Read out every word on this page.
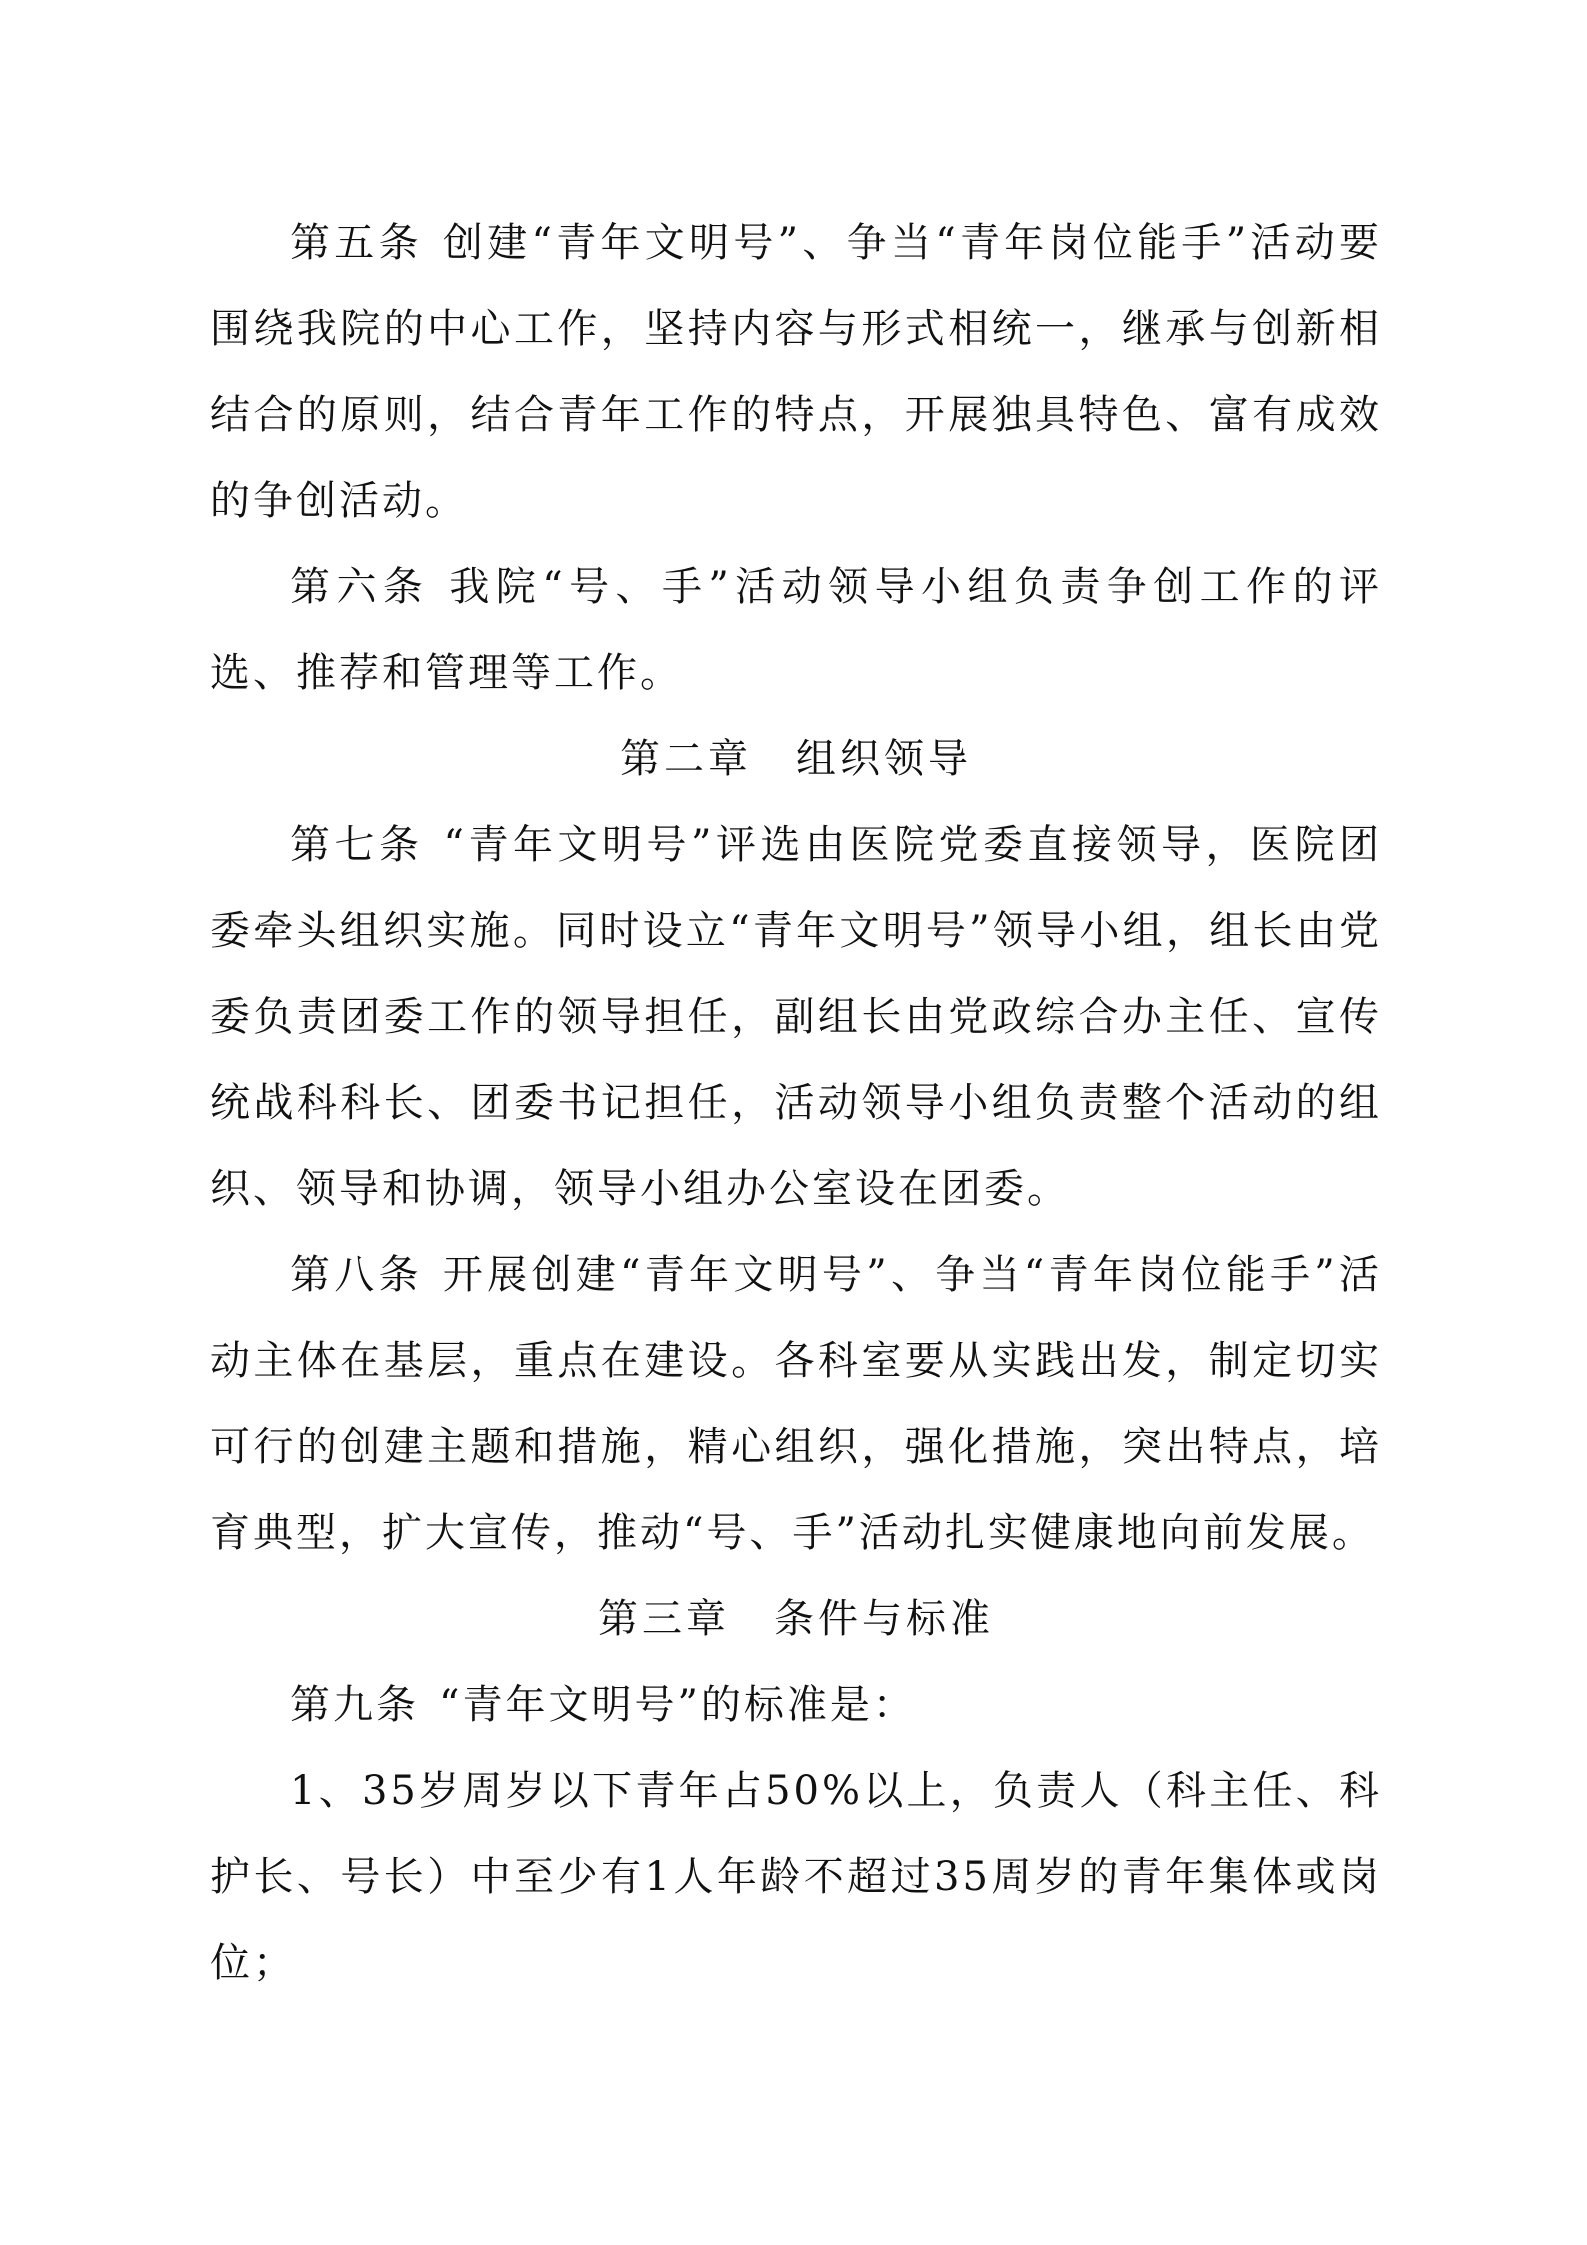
第五条 创建“青年文明号”、争当“青年岗位能手”活动要围绕我院的中心工作，坚持内容与形式相统一，继承与创新相结合的原则，结合青年工作的特点，开展独具特色、富有成效的争创活动。

第六条 我院“号、手”活动领导小组负责争创工作的评选、推荐和管理等工作。

第二章　组织领导

第七条 “青年文明号”评选由医院党委直接领导，医院团委牵头组织实施。同时设立“青年文明号”领导小组，组长由党委负责团委工作的领导担任，副组长由党政综合办主任、宣传统战科科长、团委书记担任，活动领导小组负责整个活动的组织、领导和协调，领导小组办公室设在团委。

第八条 开展创建“青年文明号”、争当“青年岗位能手”活动主体在基层，重点在建设。各科室要从实践出发，制定切实可行的创建主题和措施，精心组织，强化措施，突出特点，培育典型，扩大宣传，推动“号、手”活动扎实健康地向前发展。

第三章　条件与标准

第九条 “青年文明号”的标准是：

1、35岁周岁以下青年占50%以上，负责人（科主任、科护长、号长）中至少有1人年龄不超过35周岁的青年集体或岗位；
